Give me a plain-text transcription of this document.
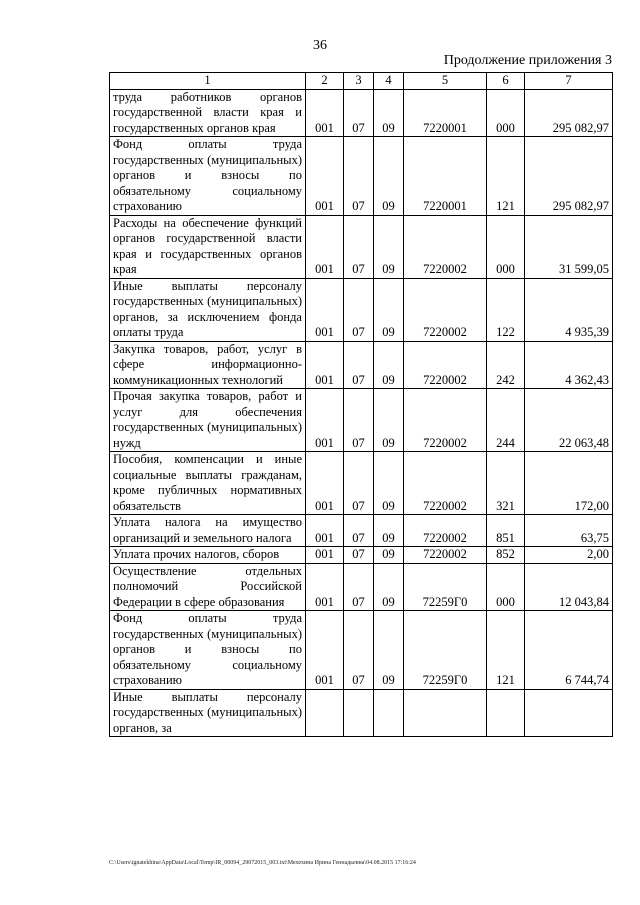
36
Продолжение приложения 3
1	2	3	4	5	6	7
труда работников органов государственной власти края и государственных органов края	001	07	09	7220001	000	295 082,97
Фонд оплаты труда государственных (муниципальных) органов и взносы по обязательному социальному страхованию	001	07	09	7220001	121	295 082,97
Расходы на обеспечение функций органов государственной власти края и государственных органов края	001	07	09	7220002	000	31 599,05
Иные выплаты персоналу государственных (муниципальных) органов, за исключением фонда оплаты труда	001	07	09	7220002	122	4 935,39
Закупка товаров, работ, услуг в сфере информационно-коммуникационных технологий	001	07	09	7220002	242	4 362,43
Прочая закупка товаров, работ и услуг для обеспечения государственных (муниципальных) нужд	001	07	09	7220002	244	22 063,48
Пособия, компенсации и иные социальные выплаты гражданам, кроме публичных нормативных обязательств	001	07	09	7220002	321	172,00
Уплата налога на имущество организаций и земельного налога	001	07	09	7220002	851	63,75
Уплата прочих налогов, сборов	001	07	09	7220002	852	2,00
Осуществление отдельных полномочий Российской Федерации в сфере образования	001	07	09	72259Г0	000	12 043,84
Фонд оплаты труда государственных (муниципальных) органов и взносы по обязательному социальному страхованию	001	07	09	72259Г0	121	6 744,74
Иные выплаты персоналу государственных (муниципальных) органов, за						
C:\Users\ignatekhina\AppData\Local\Temp\IR_00094_29072015_003.txt\Мехехина Ирина Геннадьевна\04.08.2015 17:16:24
